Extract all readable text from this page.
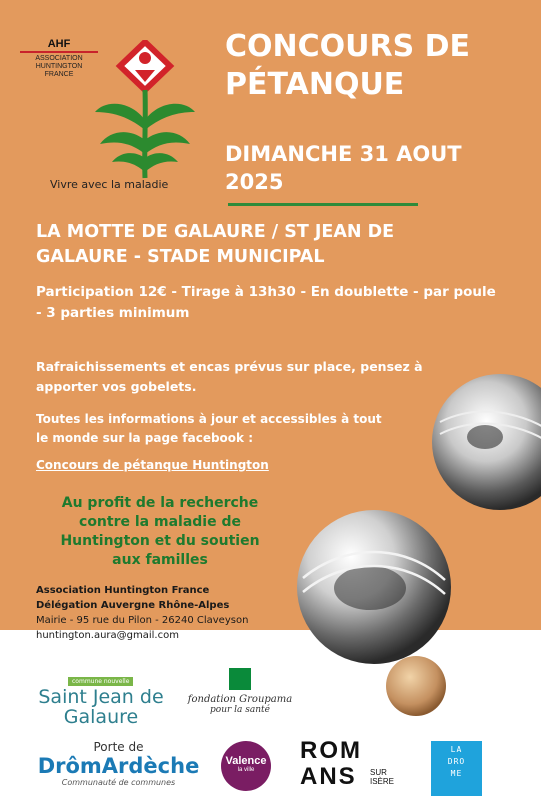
AHF
ASSOCIATION
HUNTINGTON
FRANCE
Vivre avec la maladie
CONCOURS DE
PÉTANQUE
DIMANCHE 31 AOUT
2025
LA MOTTE DE GALAURE / ST JEAN DE
GALAURE - STADE MUNICIPAL
Participation 12€ - Tirage à 13h30 - En doublette - par poule
- 3 parties minimum
Rafraichissements et encas prévus sur place, pensez à
apporter vos gobelets.
Toutes les informations à jour et accessibles à tout
le monde sur la page facebook :
Concours de pétanque Huntington
Au profit de la recherche
contre la maladie de
Huntington et du soutien
aux familles
Association Huntington France
Délégation Auvergne Rhône-Alpes
Mairie - 95 rue du Pilon - 26240 Claveyson
huntington.aura@gmail.com
commune nouvelle
Saint Jean de
Galaure
fondation Groupama
pour la santé
Porte de
DrômArdèche
Communauté de communes
Valence
la ville
ROM
ANS	SUR
ISÈRE
LA
DRO
ME
